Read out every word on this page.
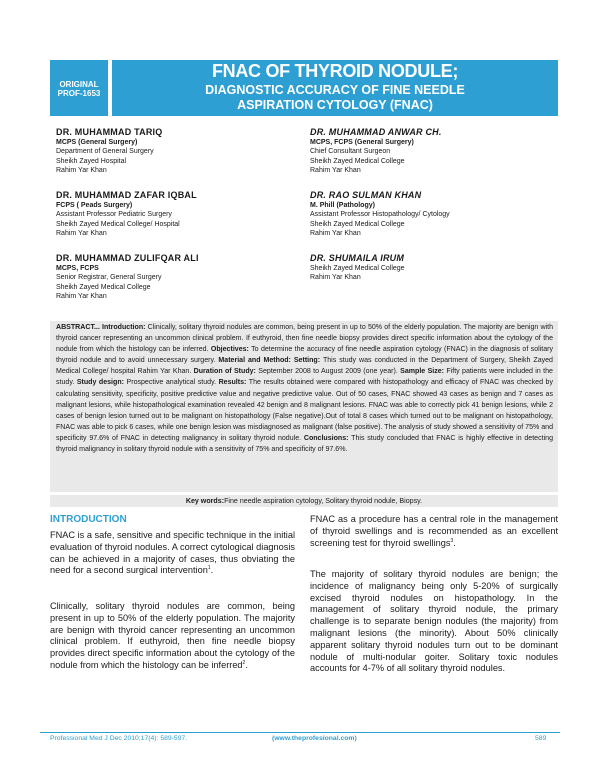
ORIGINAL
PROF-1653
FNAC OF THYROID NODULE;
DIAGNOSTIC ACCURACY OF FINE NEEDLE
ASPIRATION CYTOLOGY (FNAC)
DR. MUHAMMAD TARIQ
MCPS (General Surgery)
Department of General Surgery
Sheikh Zayed Hospital
Rahim Yar Khan
DR. MUHAMMAD ZAFAR IQBAL
FCPS ( Peads Surgery)
Assistant Professor Pediatric Surgery
Sheikh Zayed Medical College/ Hospital
Rahim Yar Khan
DR. MUHAMMAD ZULIFQAR ALI
MCPS, FCPS
Senior Registrar, General Surgery
Sheikh Zayed Medical College
Rahim Yar Khan
DR. MUHAMMAD ANWAR CH.
MCPS, FCPS (General Surgery)
Chief Consultant Surgeon
Sheikh Zayed Medical College
Rahim Yar Khan
DR. RAO SULMAN KHAN
M. Phill (Pathology)
Assistant Professor Histopathology/ Cytology
Sheikh Zayed Medical College
Rahim Yar Khan
DR. SHUMAILA IRUM
Sheikh Zayed Medical College
Rahim Yar Khan
ABSTRACT... Introduction: Clinically, solitary thyroid nodules are common, being present in up to 50% of the elderly population. The majority are benign with thyroid cancer representing an uncommon clinical problem. If euthyroid, then fine needle biopsy provides direct specific information about the cytology of the nodule from which the histology can be inferred. Objectives: To determine the accuracy of fine needle aspiration cytology (FNAC) in the diagnosis of solitary thyroid nodule and to avoid unnecessary surgery. Material and Method: Setting: This study was conducted in the Department of Surgery, Sheikh Zayed Medical College/ hospital Rahim Yar Khan. Duration of Study: September 2008 to August 2009 (one year). Sample Size: Fifty patients were included in the study. Study design: Prospective analytical study. Results: The results obtained were compared with histopathology and efficacy of FNAC was checked by calculating sensitivity, specificity, positive predictive value and negative predictive value. Out of 50 cases, FNAC showed 43 cases as benign and 7 cases as malignant lesions, while histopathological examination revealed 42 benign and 8 malignant lesions. FNAC was able to correctly pick 41 benign lesions, while 2 cases of benign lesion turned out to be malignant on histopathology (False negative).Out of total 8 cases which turned out to be malignant on histopathology, FNAC was able to pick 6 cases, while one benign lesion was misdiagnosed as malignant (false positive). The analysis of study showed a sensitivity of 75% and specificity 97.6% of FNAC in detecting malignancy in solitary thyroid nodule. Conclusions: This study concluded that FNAC is highly effective in detecting thyroid malignancy in solitary thyroid nodule with a sensitivity of 75% and specificity of 97.6%.
Key words:Fine needle aspiration cytology, Solitary thyroid nodule, Biopsy.
INTRODUCTION
FNAC is a safe, sensitive and specific technique in the initial evaluation of thyroid nodules. A correct cytological diagnosis can be achieved in a majority of cases, thus obviating the need for a second surgical intervention$^1$.
Clinically, solitary thyroid nodules are common, being present in up to 50% of the elderly population. The majority are benign with thyroid cancer representing an uncommon clinical problem. If euthyroid, then fine needle biopsy provides direct specific information about the cytology of the nodule from which the histology can be inferred$^2$.
FNAC as a procedure has a central role in the management of thyroid swellings and is recommended as an excellent screening test for thyroid swellings$^3$.
The majority of solitary thyroid nodules are benign; the incidence of malignancy being only 5-20% of surgically excised thyroid nodules on histopathology. In the management of solitary thyroid nodule, the primary challenge is to separate benign nodules (the majority) from malignant lesions (the minority). About 50% clinically apparent solitary thyroid nodules turn out to be dominant nodule of multi-nodular goiter. Solitary toxic nodules accounts for 4-7% of all solitary thyroid nodules.
Professional Med J Dec 2010;17(4): 589-597.	(www.theprofesional.com)	589
